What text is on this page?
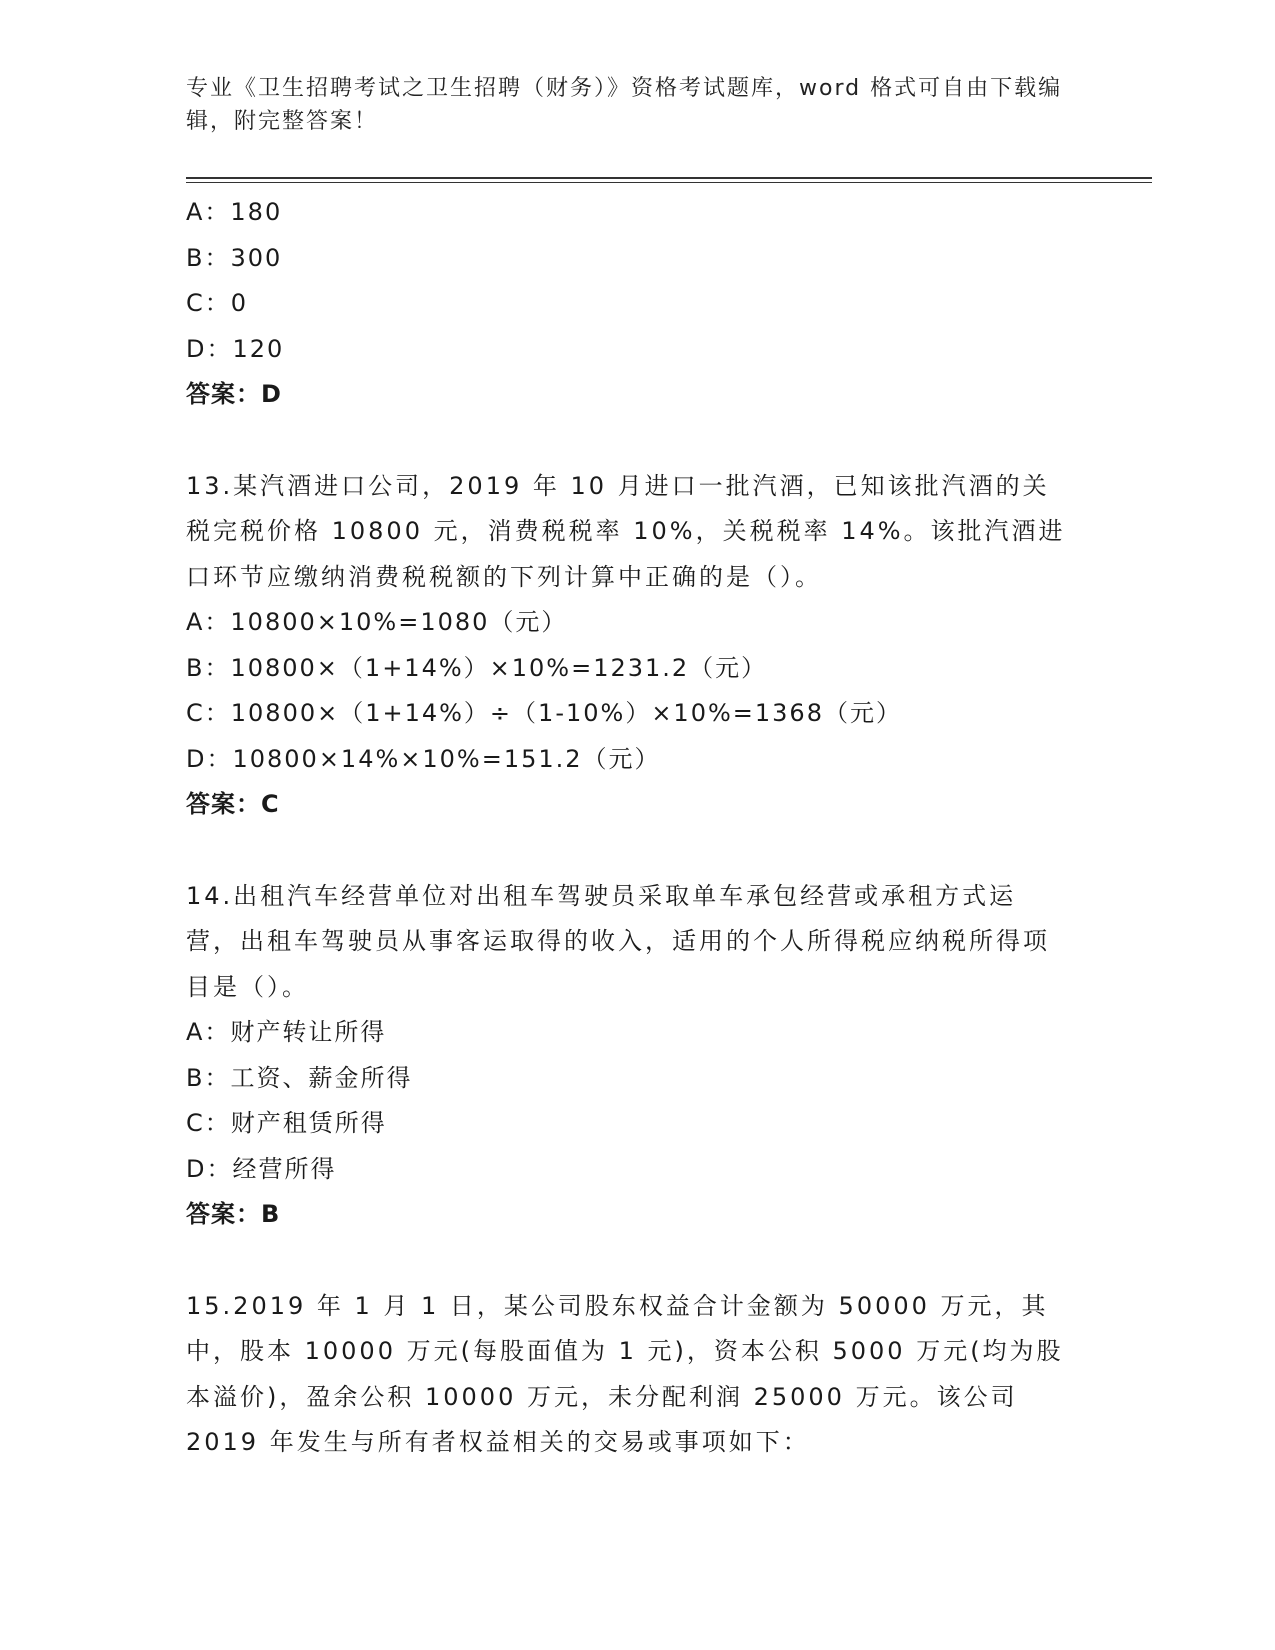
专业《卫生招聘考试之卫生招聘（财务）》资格考试题库，word 格式可自由下载编辑，附完整答案！
A：180
B：300
C：0
D：120
答案：D
13.某汽酒进口公司，2019 年 10 月进口一批汽酒，已知该批汽酒的关税完税价格 10800 元，消费税税率 10%，关税税率 14%。该批汽酒进口环节应缴纳消费税税额的下列计算中正确的是（）。
A：10800×10%=1080（元）
B：10800×（1+14%）×10%=1231.2（元）
C：10800×（1+14%）÷（1-10%）×10%=1368（元）
D：10800×14%×10%=151.2（元）
答案：C
14.出租汽车经营单位对出租车驾驶员采取单车承包经营或承租方式运营，出租车驾驶员从事客运取得的收入，适用的个人所得税应纳税所得项目是（）。
A：财产转让所得
B：工资、薪金所得
C：财产租赁所得
D：经营所得
答案：B
15.2019 年 1 月 1 日，某公司股东权益合计金额为 50000 万元，其中，股本 10000 万元(每股面值为 1 元)，资本公积 5000 万元(均为股本溢价)，盈余公积 10000 万元，未分配利润 25000 万元。该公司 2019 年发生与所有者权益相关的交易或事项如下：
